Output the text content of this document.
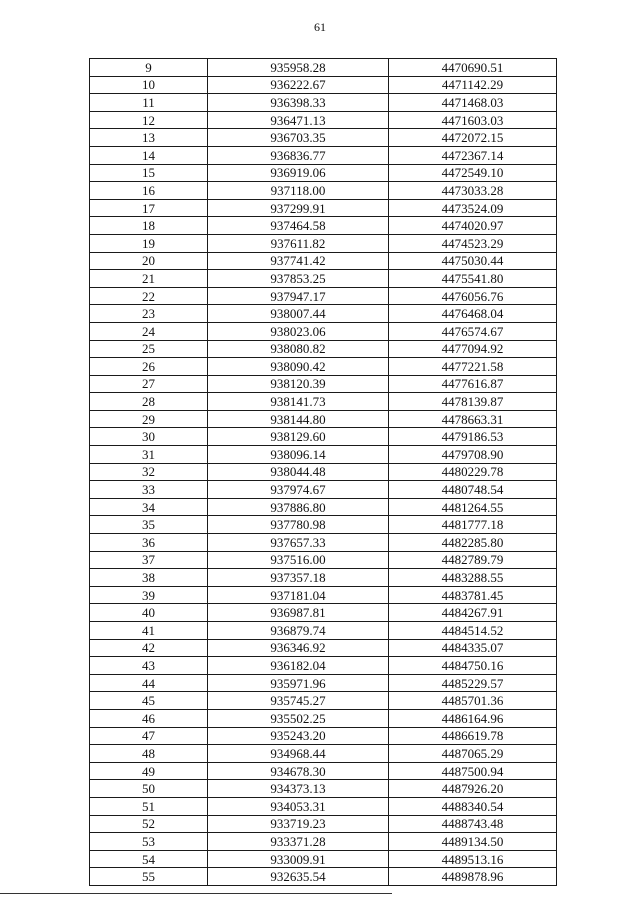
61
9	935958.28	4470690.51
10	936222.67	4471142.29
11	936398.33	4471468.03
12	936471.13	4471603.03
13	936703.35	4472072.15
14	936836.77	4472367.14
15	936919.06	4472549.10
16	937118.00	4473033.28
17	937299.91	4473524.09
18	937464.58	4474020.97
19	937611.82	4474523.29
20	937741.42	4475030.44
21	937853.25	4475541.80
22	937947.17	4476056.76
23	938007.44	4476468.04
24	938023.06	4476574.67
25	938080.82	4477094.92
26	938090.42	4477221.58
27	938120.39	4477616.87
28	938141.73	4478139.87
29	938144.80	4478663.31
30	938129.60	4479186.53
31	938096.14	4479708.90
32	938044.48	4480229.78
33	937974.67	4480748.54
34	937886.80	4481264.55
35	937780.98	4481777.18
36	937657.33	4482285.80
37	937516.00	4482789.79
38	937357.18	4483288.55
39	937181.04	4483781.45
40	936987.81	4484267.91
41	936879.74	4484514.52
42	936346.92	4484335.07
43	936182.04	4484750.16
44	935971.96	4485229.57
45	935745.27	4485701.36
46	935502.25	4486164.96
47	935243.20	4486619.78
48	934968.44	4487065.29
49	934678.30	4487500.94
50	934373.13	4487926.20
51	934053.31	4488340.54
52	933719.23	4488743.48
53	933371.28	4489134.50
54	933009.91	4489513.16
55	932635.54	4489878.96
